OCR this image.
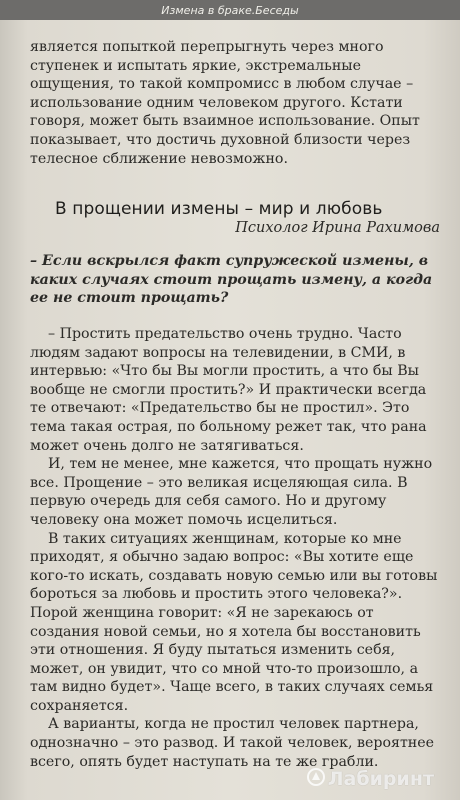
Измена в браке.Беседы

является попыткой перепрыгнуть через много ступенек и испытать яркие, экстремальные ощущения, то такой компромисс в любом случае – использование одним человеком другого. Кстати говоря, может быть взаимное использование. Опыт показывает, что достичь духовной близости через телесное сближение невозможно.

В прощении измены – мир и любовь
Психолог Ирина Рахимова
– Если вскрылся факт супружеской измены, в каких случаях стоит прощать измену, а когда ее не стоит прощать?

– Простить предательство очень трудно. Часто людям задают вопросы на телевидении, в СМИ, в интервью: «Что бы Вы могли простить, а что бы Вы вообще не смогли простить?» И практически всегда те отвечают: «Предательство бы не простил». Это тема такая острая, по больному режет так, что рана может очень долго не затягиваться.

И, тем не менее, мне кажется, что прощать нужно все. Прощение – это великая исцеляющая сила. В первую очередь для себя самого. Но и другому человеку она может помочь исцелиться.

В таких ситуациях женщинам, которые ко мне приходят, я обычно задаю вопрос: «Вы хотите еще кого-то искать, создавать новую семью или вы готовы бороться за любовь и простить этого человека?». Порой женщина говорит: «Я не зарекаюсь от создания новой семьи, но я хотела бы восстановить эти отношения. Я буду пытаться изменить себя, может, он увидит, что со мной что-то произошло, а там видно будет». Чаще всего, в таких случаях семья сохраняется.

А варианты, когда не простил человек партнера, однозначно – это развод. И такой человек, вероятнее всего, опять будет наступать на те же грабли.

Лабиринт
